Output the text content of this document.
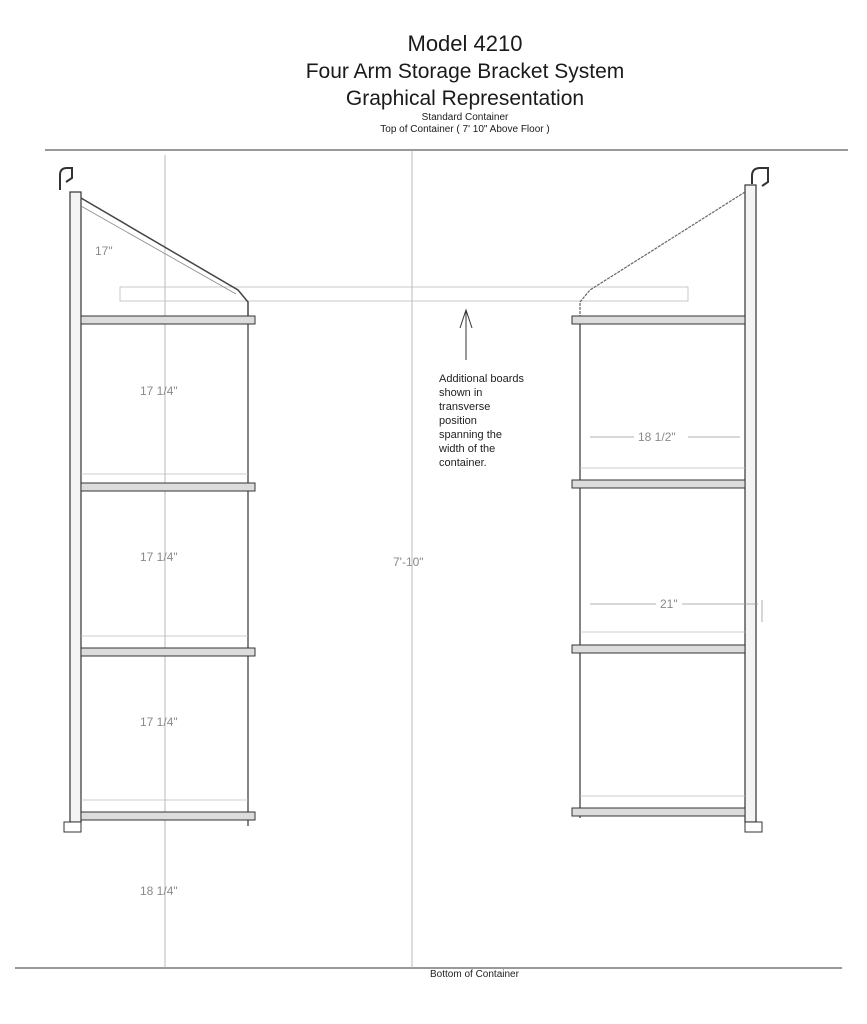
Model 4210

Four Arm Storage Bracket System

Graphical Representation

Standard Container

Top of Container ( 7' 10" Above Floor )

17"
17 1/4"
17 1/4"
17 1/4"
18 1/4"
7'-10"
18 1/2"
21"
Additional boards
shown in
transverse
position
spanning the
width of the
container.
Bottom of Container
